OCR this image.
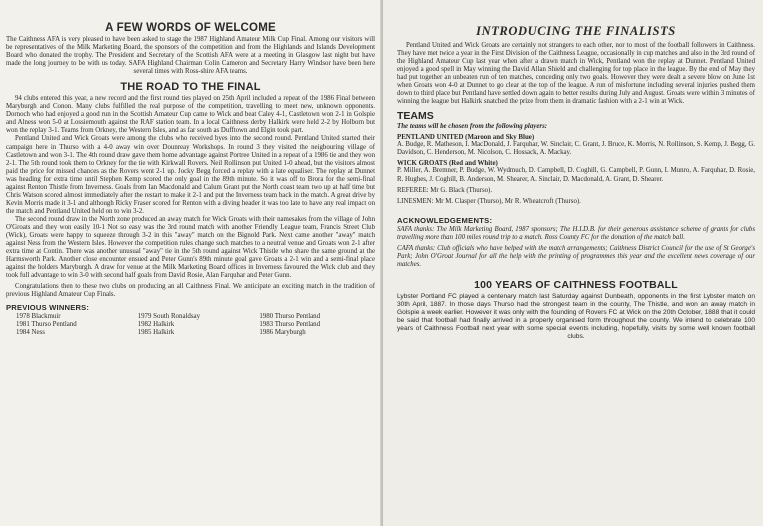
A FEW WORDS OF WELCOME

The Caithness AFA is very pleased to have been asked to stage the 1987 Highland Amateur Milk Cup Final. Among our visitors will be representatives of the Milk Marketing Board, the sponsors of the competition and from the Highlands and Islands Development Board who donated the trophy. The President and Secretary of the Scottish AFA were at a meeting in Glasgow last night but have made the long journey to be with us today. SAFA Highland Chairman Colin Cameron and Secretary Harry Windsor have been here several times with Ross-shire AFA teams.

THE ROAD TO THE FINAL

94 clubs entered this year, a new record and the first round ties played on 25th April included a repeat of the 1986 Final between Maryburgh and Conon. Many clubs fulfilled the real purpose of the competition, travelling to meet new, unknown opponents. Dornoch who had enjoyed a good run in the Scottish Amateur Cup came to Wick and beat Caley 4-1, Castletown won 2-1 in Golspie and Alness won 5-0 at Lossiemouth against the RAF station team. In a local Caithness derby Halkirk were held 2-2 by Holborn but won the replay 3-1. Teams from Orkney, the Western Isles, and as far south as Dufftown and Elgin took part.

Pentland United and Wick Groats were among the clubs who received byes into the second round. Pentland United started their campaign here in Thurso with a 4-0 away win over Dounreay Workshops. In round 3 they visited the neigbouring village of Castletown and won 3-1. The 4th round draw gave them home advantage against Portree United in a repeat of a 1986 tie and they won 2-1. The 5th round took them to Orkney for the tie with Kirkwall Rovers. Neil Rollinson put United 1-0 ahead, but the visitors almost paid the price for missed chances as the Rovers went 2-1 up. Jocky Begg forced a replay with a late equaliser. The replay at Dunnet was heading for extra time until Stephen Kemp scored the only goal in the 89th minute. So it was off to Brora for the semi-final against Renton Thistle from Inverness. Goals from Ian Macdonald and Calum Grant put the North coast team two up at half time but Chris Watson scored almost immediately after the restart to make it 2-1 and put the Inverness team back in the match. A great drive by Kevin Morris made it 3-1 and although Ricky Fraser scored for Renton with a diving header it was too late to have any real impact on the match and Pentland United held on to win 3-2.

The second round draw in the North zone produced an away match for Wick Groats with their namesakes from the village of John O'Groats and they won easily 10-1 Not so easy was the 3rd round match with another Friendly League team, Francis Street Club (Wick), Groats were happy to squeeze through 3-2 in this "away" match on the Bignold Park. Next came another "away" match against Ness from the Western Isles. However the competition rules change such matches to a neutral venue and Groats won 2-1 after extra time at Contin. There was another unusual "away" tie in the 5th round against Wick Thistle who share the same ground at the Harmsworth Park. Another close encounter ensued and Peter Gunn's 89th minute goal gave Groats a 2-1 win and a semi-final place against the holders Maryburgh. A draw for venue at the Milk Marketing Board offices in Inverness favoured the Wick club and they took full advantage to win 3-0 with second half goals from David Rosie, Alan Farquhar and Peter Gunn.

Congratulations then to these two clubs on producing an all Caithness Final. We anticipate an exciting match in the tradition of previous Highland Amateur Cup Finals.

PREVIOUS WINNERS:
1978 Blackmuir
1981 Thurso Pentland
1984 Ness
1979 South Ronaldsay
1982 Halkirk
1985 Halkirk
1980 Thurso Pentland
1983 Thurso Pentland
1986 Maryburgh
INTRODUCING THE FINALISTS

Pentland United and Wick Groats are certainly not strangers to each other, nor to most of the football followers in Caithness. They have met twice a year in the First Division of the Caithness League, occasionally in cup matches and also in the 3rd round of the Highland Amateur Cup last year when after a drawn match in Wick, Pentland won the replay at Dunnet. Pentland United enjoyed a good spell in May winning the David Allan Shield and challenging for top place in the league. By the end of May they had put together an unbeaten run of ten matches, conceding only two goals. However they were dealt a severe blow on June 1st when Groats won 4-0 at Dunnet to go clear at the top of the league. A run of misfortune including several injuries pushed them down to third place but Pentland have settled down again to better results during July and August. Groats were within 3 minutes of winning the league but Halkirk snatched the prize from them in dramatic fashion with a 2-1 win at Wick.

TEAMS
The teams will be chosen from the following players:
PENTLAND UNITED (Maroon and Sky Blue)

A. Budge, R. Matheson, I. MacDonald, J. Farquhar, W. Sinclair, C. Grant, J. Bruce, K. Morris, N. Rollinson, S. Kemp, J. Begg, G. Davidson, C. Henderson, M. Nicolson, C. Hossack, A. Mackay.

WICK GROATS (Red and White)

P. Miller, A. Bremner, P. Budge, W. Wydmuch, D. Campbell, D. Coghill, G. Campbell, P. Gunn, I. Munro, A. Farquhar, D. Rosie, R. Hughes, J. Coghill, B. Anderson, M. Shearer, A. Sinclair, D. Macdonald, A. Grant, D. Shearer.

REFEREE: Mr G. Black (Thurso).

LINESMEN: Mr M. Clasper (Thurso), Mr R. Wheatcroft (Thurso).

ACKNOWLEDGEMENTS:

SAFA thanks: The Milk Marketing Board, 1987 sponsors; The H.I.D.B. for their generous assistance scheme of grants for clubs travelling more than 100 miles round trip to a match. Ross County FC for the donation of the match ball.

CAFA thanks: Club officials who have helped with the match arrangements; Caithness District Council for the use of St George's Park; John O'Groat Journal for all the help with the printing of programmes this year and the excellent news coverage of our matches.

100 YEARS OF CAITHNESS FOOTBALL

Lybster Portland FC played a centenary match last Saturday against Dunbeath, opponents in the first Lybster match on 30th April, 1887. In those days Thurso had the strongest team in the county, The Thistle, and won an away match in Golspie a week earlier. However it was only with the founding of Rovers FC at Wick on the 20th October, 1888 that it could be said that football had finally arrived in a properly organised form throughout the county. We intend to celebrate 100 years of Caithness Football next year with some special events including, hopefully, visits by some well known football clubs.
